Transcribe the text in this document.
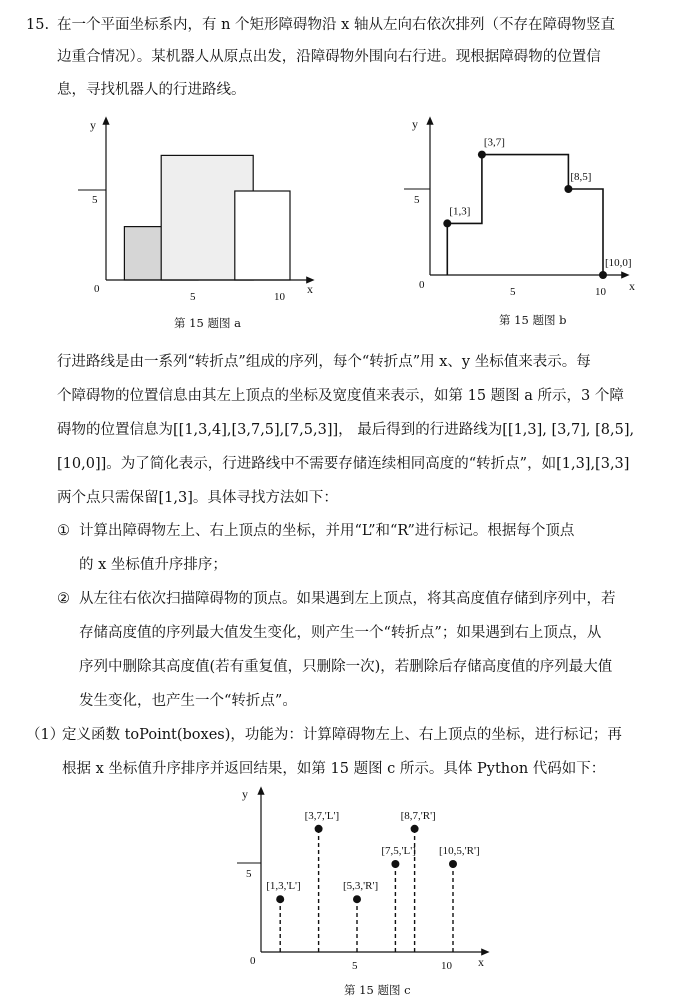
15. 在一个平面坐标系内，有 n 个矩形障碍物沿 x 轴从左向右依次排列（不存在障碍物竖直
边重合情况）。某机器人从原点出发，沿障碍物外围向右行进。现根据障碍物的位置信
息，寻找机器人的行进路线。
5
0
5	10
x
y
第 15 题图 a
5
0
5	10 x
y
[1,3]
[3,7]
[8,5]
[10,0]
第 15 题图 b
行进路线是由一系列“转折点”组成的序列，每个“转折点”用 x、y 坐标值来表示。每
个障碍物的位置信息由其左上顶点的坐标及宽度值来表示，如第 15 题图 a 所示，3 个障
碍物的位置信息为[[1,3,4],[3,7,5],[7,5,3]]， 最后得到的行进路线为[[1,3], [3,7], [8,5],
[10,0]]。为了简化表示，行进路线中不需要存储连续相同高度的“转折点”，如[1,3],[3,3]
两个点只需保留[1,3]。具体寻找方法如下：
① 计算出障碍物左上、右上顶点的坐标，并用“L”和“R”进行标记。根据每个顶点
的 x 坐标值升序排序；
② 从左往右依次扫描障碍物的顶点。如果遇到左上顶点，将其高度值存储到序列中，若
存储高度值的序列最大值发生变化，则产生一个“转折点”；如果遇到右上顶点，从
序列中删除其高度值(若有重复值，只删除一次)，若删除后存储高度值的序列最大值
发生变化，也产生一个“转折点”。
（1）
定义函数 toPoint(boxes)，功能为：计算障碍物左上、右上顶点的坐标，进行标记；再
根据 x 坐标值升序排序并返回结果，如第 15 题图 c 所示。具体 Python 代码如下：
5
0	5	10 x
y
[1,3,'L']
[3,7,'L']
[5,3,'R']
[7,5,'L']
[8,7,'R']
[10,5,'R']
第 15 题图 c
